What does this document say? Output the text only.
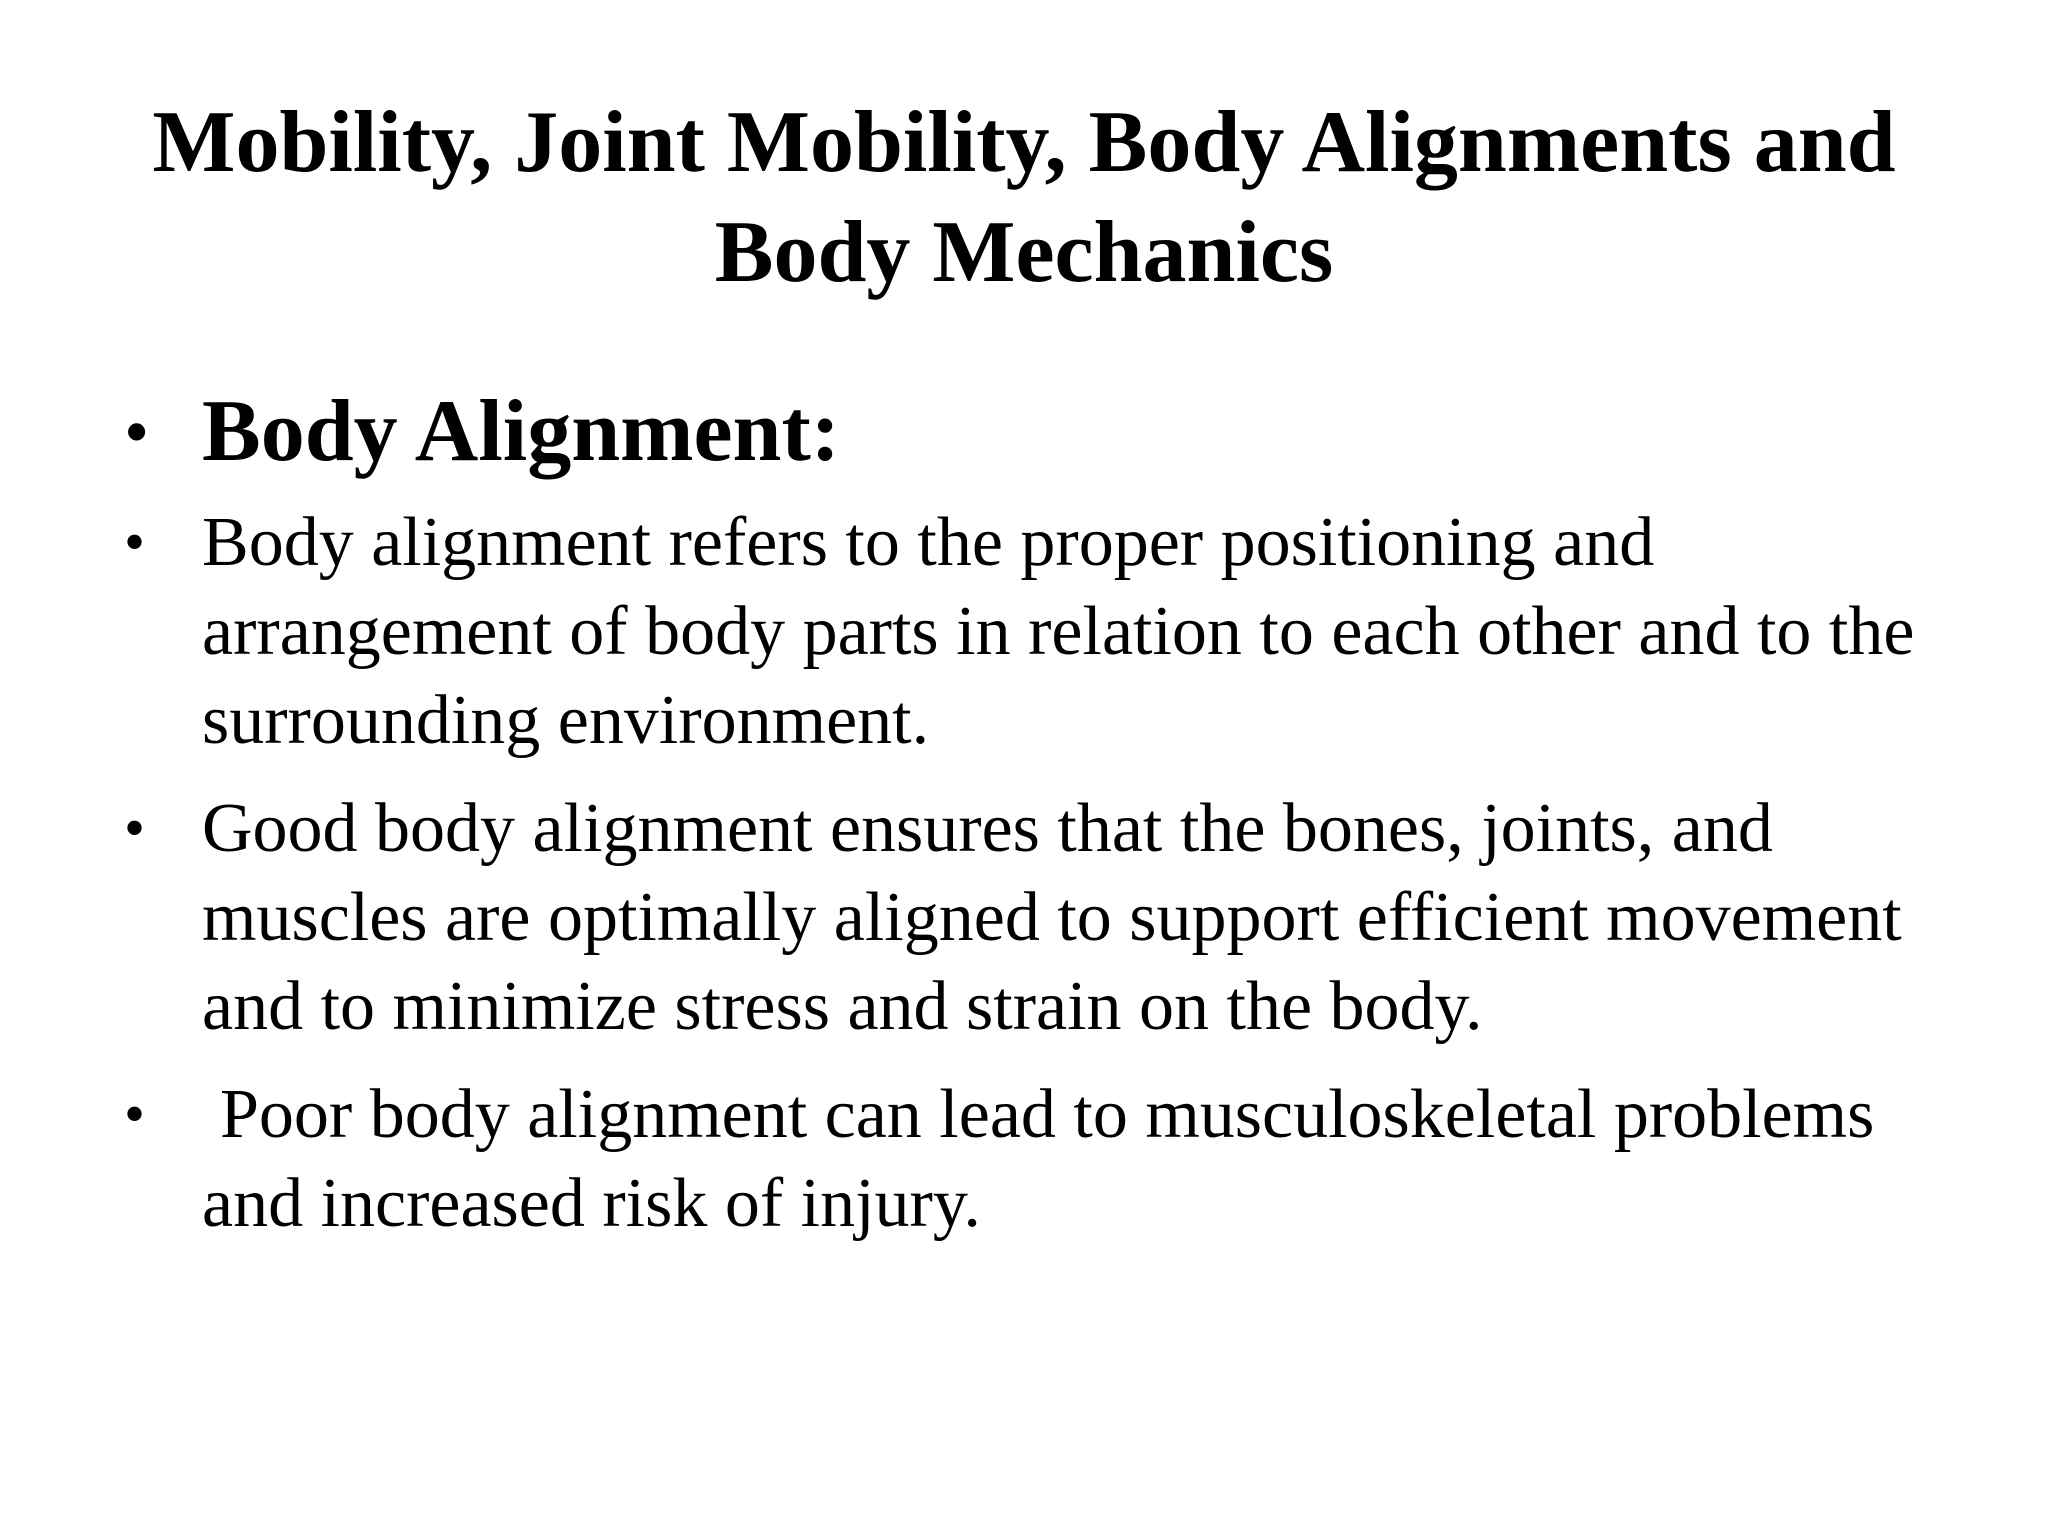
Mobility, Joint Mobility, Body Alignments and Body Mechanics
• Body Alignment:
• Body alignment refers to the proper positioning and arrangement of body parts in relation to each other and to the surrounding environment.
• Good body alignment ensures that the bones, joints, and muscles are optimally aligned to support efficient movement and to minimize stress and strain on the body.
• Poor body alignment can lead to musculoskeletal problems and increased risk of injury.
